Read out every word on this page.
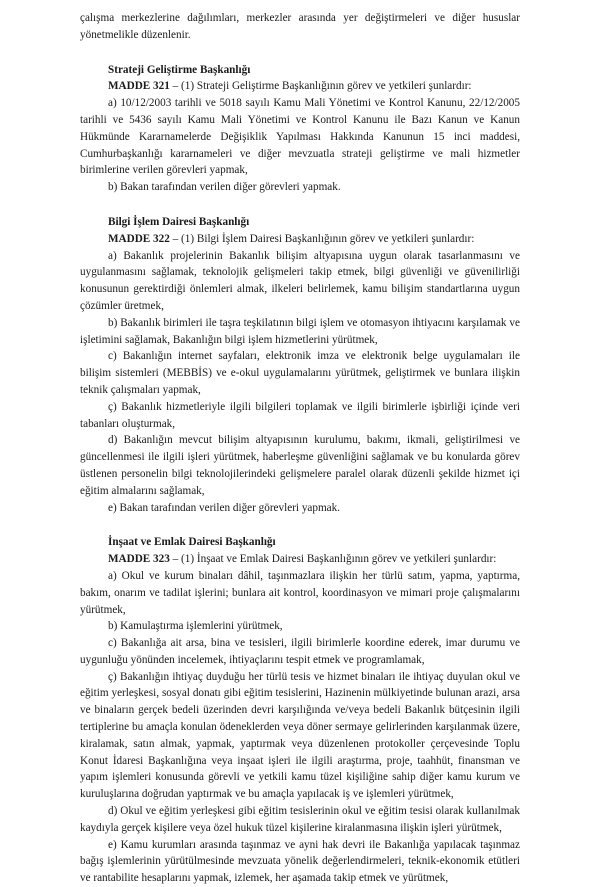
çalışma merkezlerine dağılımları, merkezler arasında yer değiştirmeleri ve diğer hususlar yönetmelikle düzenlenir.

Strateji Geliştirme Başkanlığı

MADDE 321 – (1) Strateji Geliştirme Başkanlığının görev ve yetkileri şunlardır:

a) 10/12/2003 tarihli ve 5018 sayılı Kamu Mali Yönetimi ve Kontrol Kanunu, 22/12/2005 tarihli ve 5436 sayılı Kamu Mali Yönetimi ve Kontrol Kanunu ile Bazı Kanun ve Kanun Hükmünde Kararnamelerde Değişiklik Yapılması Hakkında Kanunun 15 inci maddesi, Cumhurbaşkanlığı kararnameleri ve diğer mevzuatla strateji geliştirme ve mali hizmetler birimlerine verilen görevleri yapmak,

b) Bakan tarafından verilen diğer görevleri yapmak.

Bilgi İşlem Dairesi Başkanlığı

MADDE 322 – (1) Bilgi İşlem Dairesi Başkanlığının görev ve yetkileri şunlardır:

a) Bakanlık projelerinin Bakanlık bilişim altyapısına uygun olarak tasarlanmasını ve uygulanmasını sağlamak, teknolojik gelişmeleri takip etmek, bilgi güvenliği ve güvenilirliği konusunun gerektirdiği önlemleri almak, ilkeleri belirlemek, kamu bilişim standartlarına uygun çözümler üretmek,

b) Bakanlık birimleri ile taşra teşkilatının bilgi işlem ve otomasyon ihtiyacını karşılamak ve işletimini sağlamak, Bakanlığın bilgi işlem hizmetlerini yürütmek,

c) Bakanlığın internet sayfaları, elektronik imza ve elektronik belge uygulamaları ile bilişim sistemleri (MEBBİS) ve e-okul uygulamalarını yürütmek, geliştirmek ve bunlara ilişkin teknik çalışmaları yapmak,

ç) Bakanlık hizmetleriyle ilgili bilgileri toplamak ve ilgili birimlerle işbirliği içinde veri tabanları oluşturmak,

d) Bakanlığın mevcut bilişim altyapısının kurulumu, bakımı, ikmali, geliştirilmesi ve güncellenmesi ile ilgili işleri yürütmek, haberleşme güvenliğini sağlamak ve bu konularda görev üstlenen personelin bilgi teknolojilerindeki gelişmelere paralel olarak düzenli şekilde hizmet içi eğitim almalarını sağlamak,

e) Bakan tarafından verilen diğer görevleri yapmak.

İnşaat ve Emlak Dairesi Başkanlığı

MADDE 323 – (1) İnşaat ve Emlak Dairesi Başkanlığının görev ve yetkileri şunlardır:

a) Okul ve kurum binaları dâhil, taşınmazlara ilişkin her türlü satım, yapma, yaptırma, bakım, onarım ve tadilat işlerini; bunlara ait kontrol, koordinasyon ve mimari proje çalışmalarını yürütmek,

b) Kamulaştırma işlemlerini yürütmek,

c) Bakanlığa ait arsa, bina ve tesisleri, ilgili birimlerle koordine ederek, imar durumu ve uygunluğu yönünden incelemek, ihtiyaçlarını tespit etmek ve programlamak,

ç) Bakanlığın ihtiyaç duyduğu her türlü tesis ve hizmet binaları ile ihtiyaç duyulan okul ve eğitim yerleşkesi, sosyal donatı gibi eğitim tesislerini, Hazinenin mülkiyetinde bulunan arazi, arsa ve binaların gerçek bedeli üzerinden devri karşılığında ve/veya bedeli Bakanlık bütçesinin ilgili tertiplerine bu amaçla konulan ödeneklerden veya döner sermaye gelirlerinden karşılanmak üzere, kiralamak, satın almak, yapmak, yaptırmak veya düzenlenen protokoller çerçevesinde Toplu Konut İdaresi Başkanlığına veya inşaat işleri ile ilgili araştırma, proje, taahhüt, finansman ve yapım işlemleri konusunda görevli ve yetkili kamu tüzel kişiliğine sahip diğer kamu kurum ve kuruluşlarına doğrudan yaptırmak ve bu amaçla yapılacak iş ve işlemleri yürütmek,

d) Okul ve eğitim yerleşkesi gibi eğitim tesislerinin okul ve eğitim tesisi olarak kullanılmak kaydıyla gerçek kişilere veya özel hukuk tüzel kişilerine kiralanmasına ilişkin işleri yürütmek,

e) Kamu kurumları arasında taşınmaz ve ayni hak devri ile Bakanlığa yapılacak taşınmaz bağış işlemlerinin yürütülmesinde mevzuata yönelik değerlendirmeleri, teknik-ekonomik etütleri ve rantabilite hesaplarını yapmak, izlemek, her aşamada takip etmek ve yürütmek,
